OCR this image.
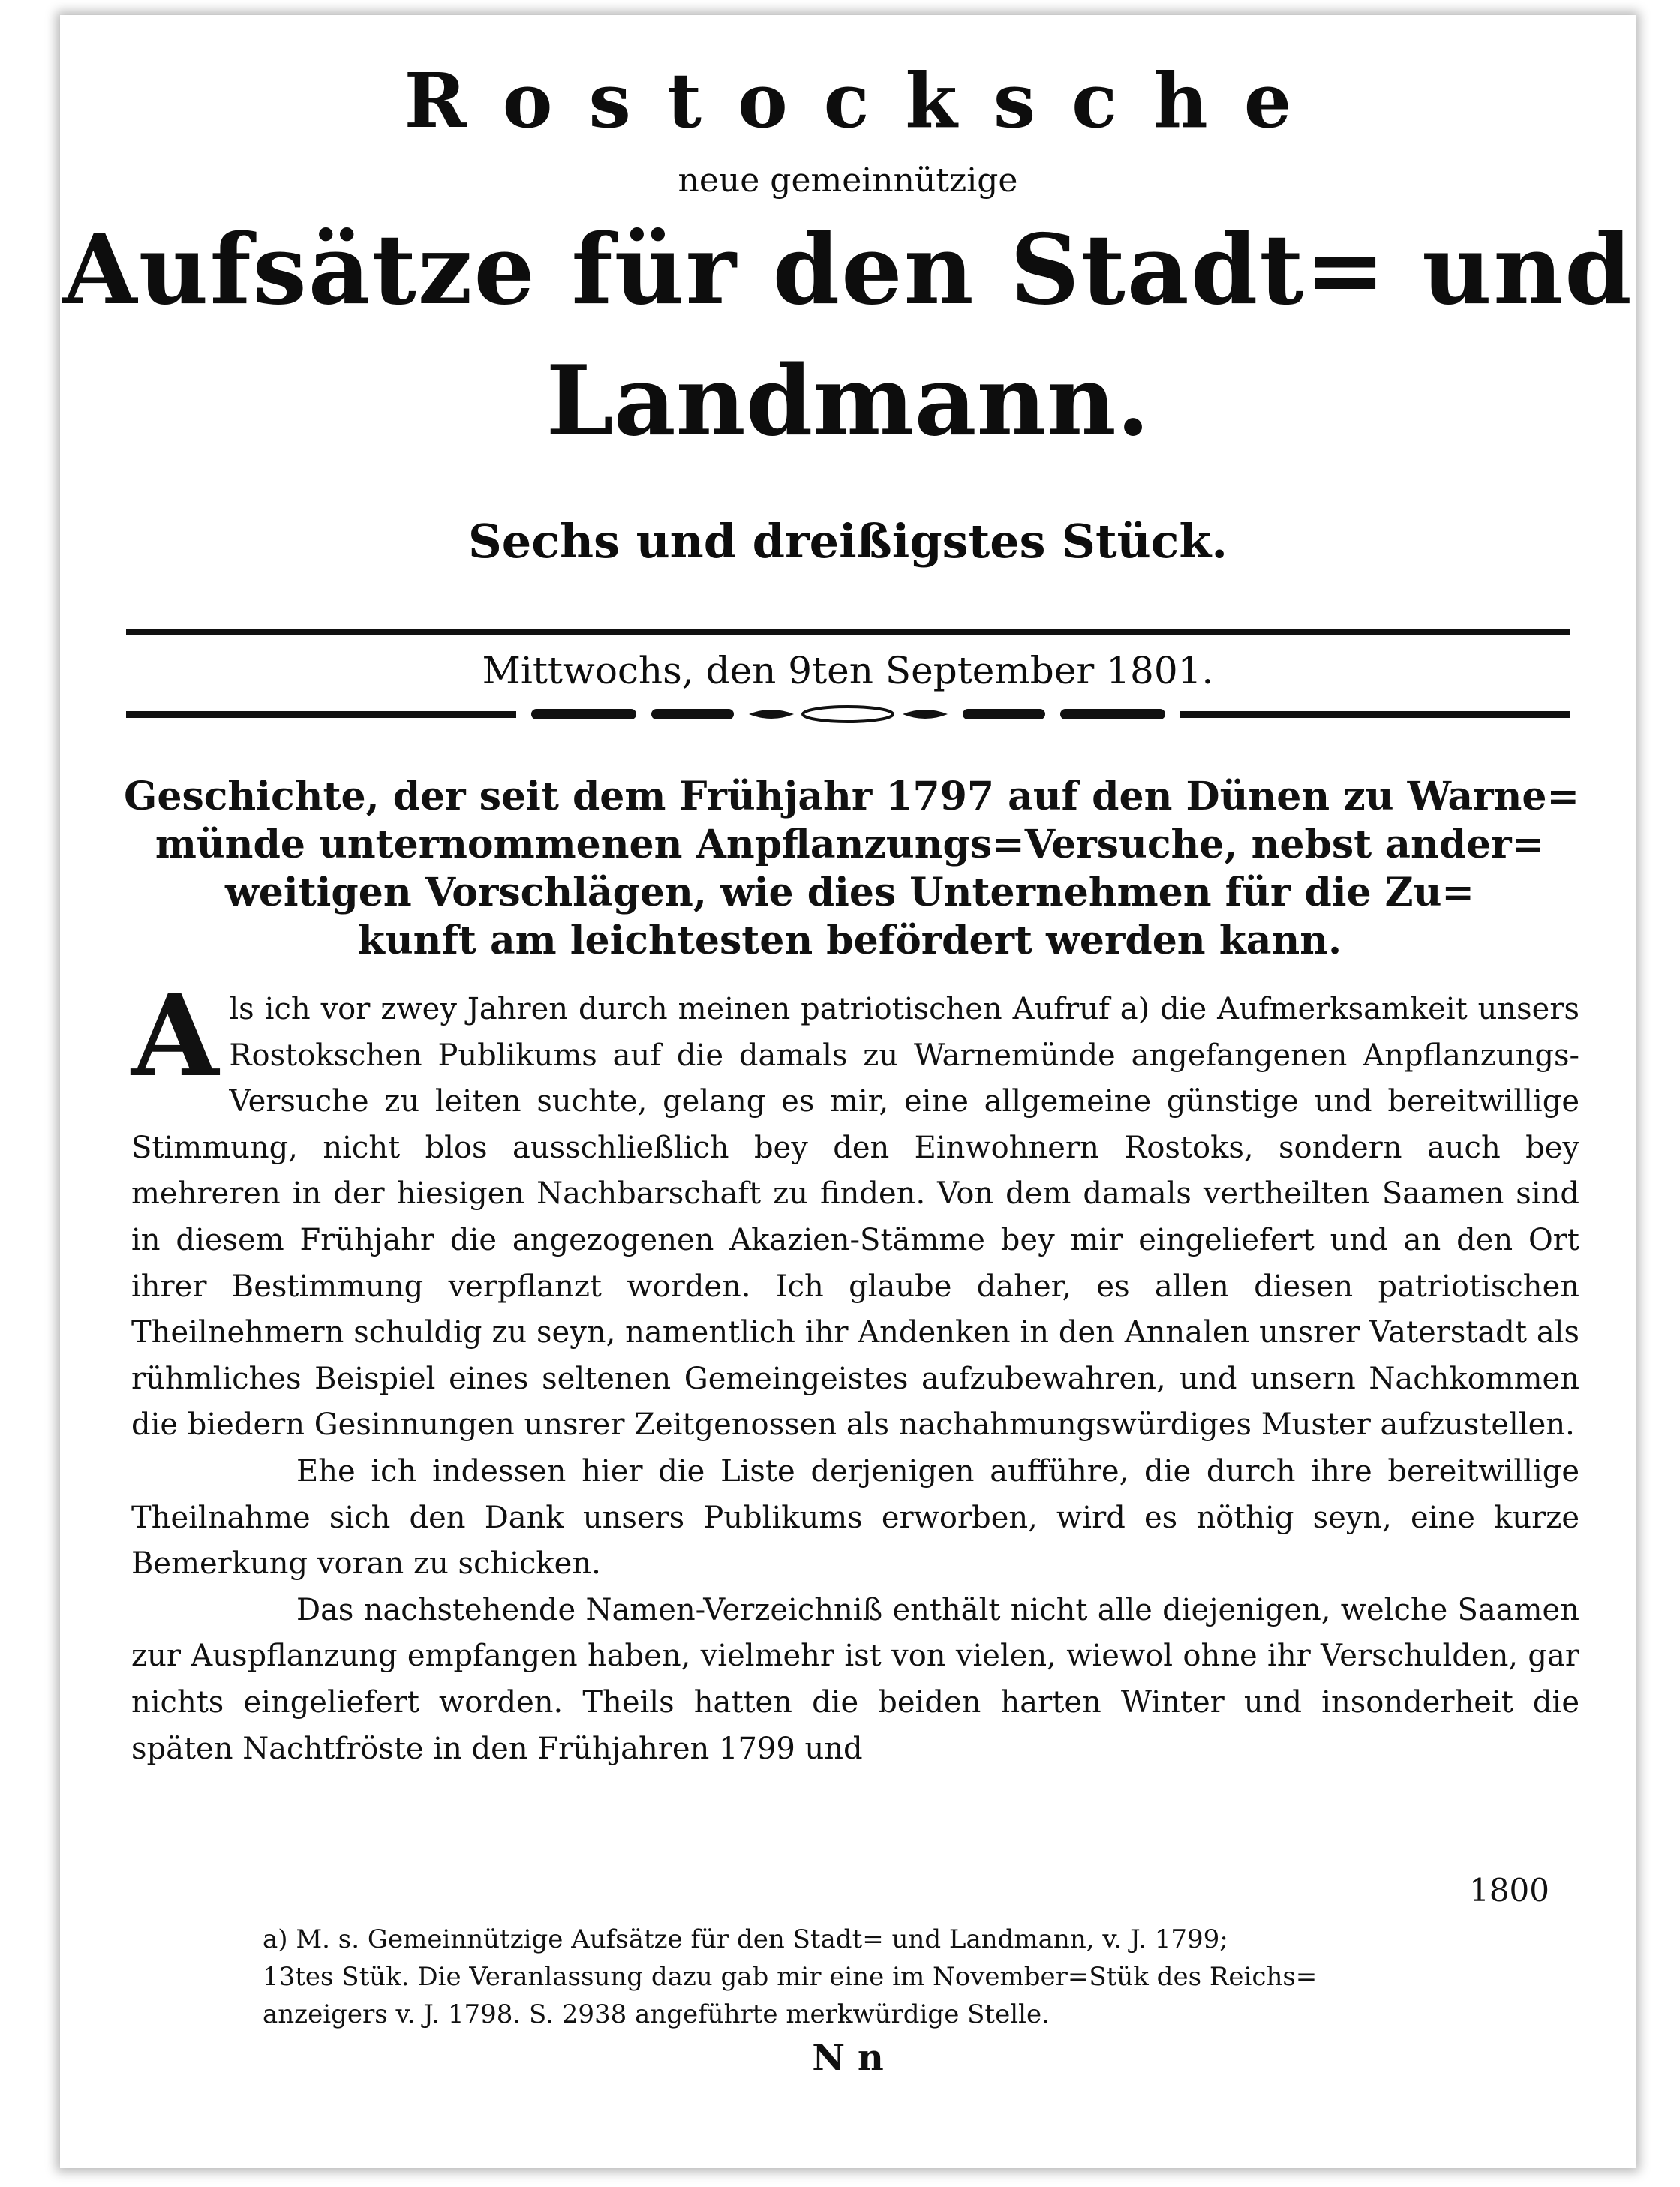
Rostocksche
neue gemeinnützige
Aufsätze für den Stadt= und
Landmann.
Sechs und dreißigstes Stück.
Mittwochs, den 9ten September 1801.
Geschichte, der seit dem Frühjahr 1797 auf den Dünen zu Warne=
münde unternommenen Anpflanzungs=Versuche, nebst ander=
weitigen Vorschlägen, wie dies Unternehmen für die Zu=
kunft am leichtesten befördert werden kann.

Als ich vor zwey Jahren durch meinen patriotischen Aufruf a) die Aufmerksamkeit unsers Rostokschen Publikums auf die damals zu Warnemünde angefangenen Anpflanzungs-Versuche zu leiten suchte, gelang es mir, eine allgemeine günstige und bereitwillige Stimmung, nicht blos ausschließlich bey den Einwohnern Rostoks, sondern auch bey mehreren in der hiesigen Nachbarschaft zu finden. Von dem damals vertheilten Saamen sind in diesem Frühjahr die angezogenen Akazien-Stämme bey mir eingeliefert und an den Ort ihrer Bestimmung verpflanzt worden. Ich glaube daher, es allen diesen patriotischen Theilnehmern schuldig zu seyn, namentlich ihr Andenken in den Annalen unsrer Vaterstadt als rühmliches Beispiel eines seltenen Gemeingeistes aufzubewahren, und unsern Nachkommen die biedern Gesinnungen unsrer Zeitgenossen als nachahmungswürdiges Muster aufzustellen.

Ehe ich indessen hier die Liste derjenigen aufführe, die durch ihre bereitwillige Theilnahme sich den Dank unsers Publikums erworben, wird es nöthig seyn, eine kurze Bemerkung voran zu schicken.

Das nachstehende Namen-Verzeichniß enthält nicht alle diejenigen, welche Saamen zur Auspflanzung empfangen haben, vielmehr ist von vielen, wiewol ohne ihr Verschulden, gar nichts eingeliefert worden. Theils hatten die beiden harten Winter und insonderheit die späten Nachtfröste in den Frühjahren 1799 und

1800
a) M. s. Gemeinnützige Aufsätze für den Stadt= und Landmann, v. J. 1799;
13tes Stük. Die Veranlassung dazu gab mir eine im November=Stük des Reichs=
anzeigers v. J. 1798. S. 2938 angeführte merkwürdige Stelle.
N n
